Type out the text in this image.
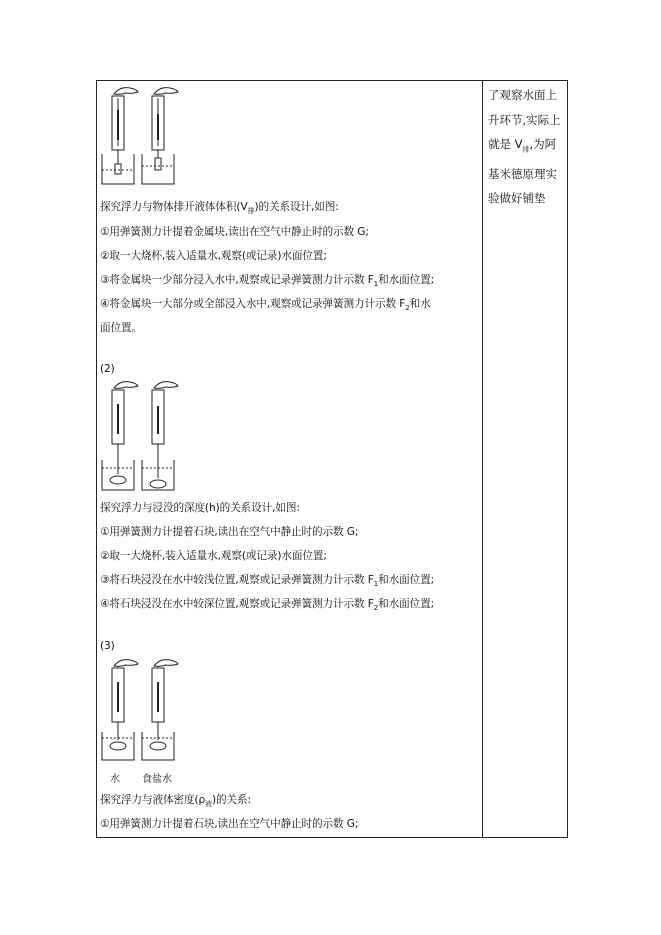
了观察水面上
升环节,实际上
就是 $V_排$,为阿
基米德原理实
验做好铺垫
探究浮力与物体排开液体体积$(V_排)$的关系设计,如图:
①用弹簧测力计提着金属块,读出在空气中静止时的示数 G;
②取一大烧杯,装入适量水,观察(或记录)水面位置;
③将金属块一少部分浸入水中,观察或记录弹簧测力计示数 $F_1$和水面位置;
④将金属块一大部分或全部浸入水中,观察或记录弹簧测力计示数 $F_2$和水
面位置。
(2)
探究浮力与浸没的深度(h)的关系设计,如图:
①用弹簧测力计提着石块,读出在空气中静止时的示数 G;
②取一大烧杯,装入适量水,观察(或记录)水面位置;
③将石块浸没在水中较浅位置,观察或记录弹簧测力计示数 $F_1$和水面位置;
④将石块浸没在水中较深位置,观察或记录弹簧测力计示数 $F_2$和水面位置;
(3)
水 食盐水
探究浮力与液体密度$(\rho_液)$的关系:
①用弹簧测力计提着石块,读出在空气中静止时的示数 G;
